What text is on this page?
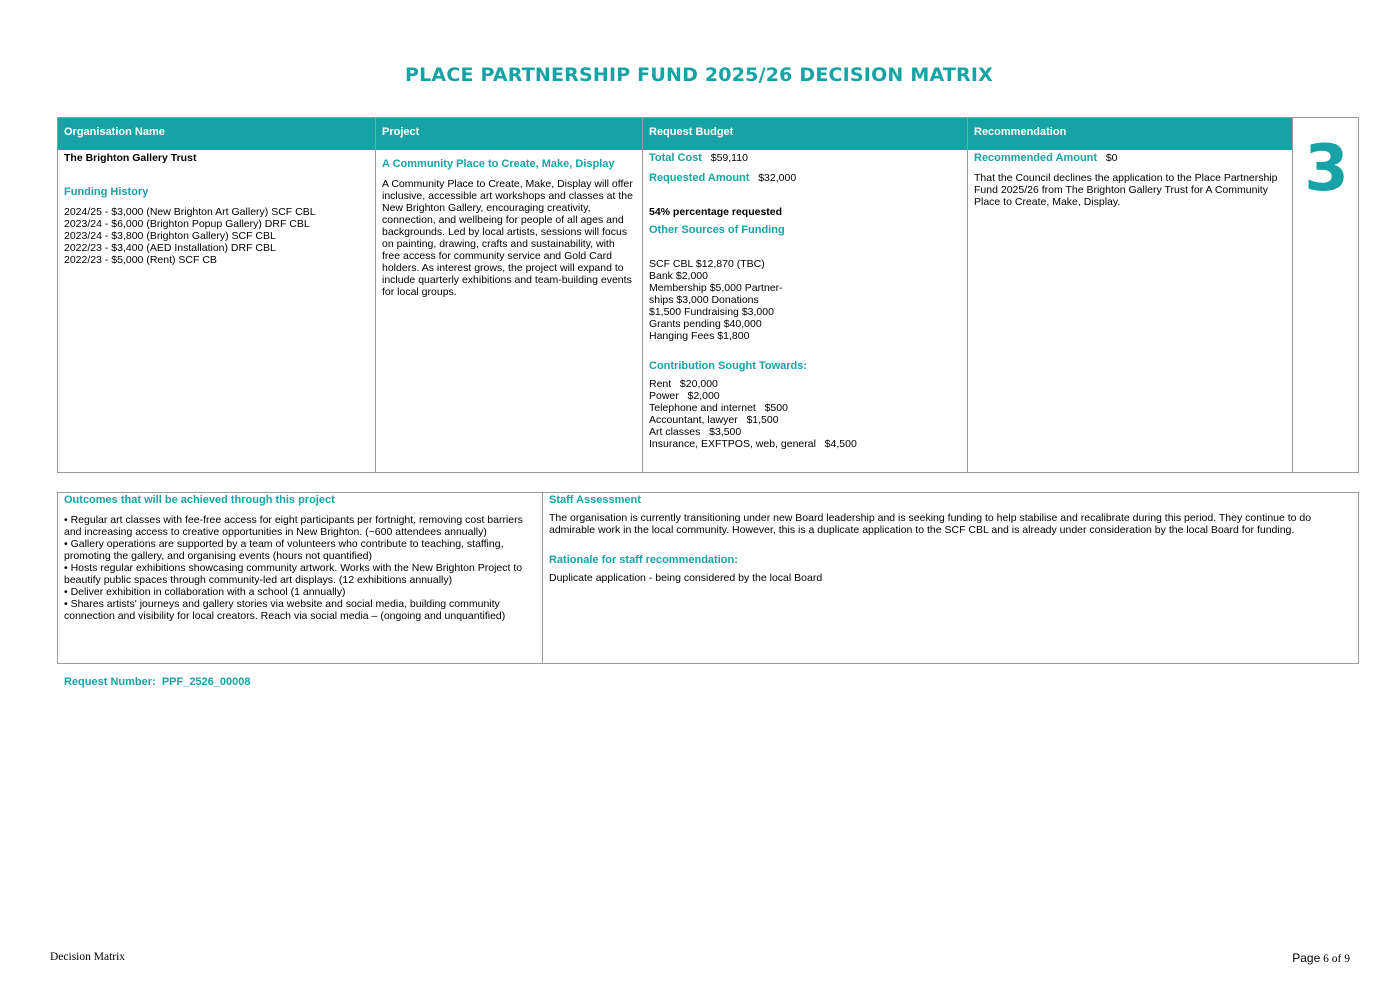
PLACE PARTNERSHIP FUND 2025/26 DECISION MATRIX
Organisation Name
The Brighton Gallery Trust
Funding History
2024/25 - $3,000 (New Brighton Art Gallery) SCF CBL
2023/24 - $6,000 (Brighton Popup Gallery) DRF CBL
2023/24 - $3,800 (Brighton Gallery) SCF CBL
2022/23 - $3,400 (AED Installation) DRF CBL
2022/23 - $5,000 (Rent) SCF CB
Project
A Community Place to Create, Make, Display
A Community Place to Create, Make, Display will offer
inclusive, accessible art workshops and classes at the
New Brighton Gallery, encouraging creativity,
connection, and wellbeing for people of all ages and
backgrounds. Led by local artists, sessions will focus
on painting, drawing, crafts and sustainability, with
free access for community service and Gold Card
holders. As interest grows, the project will expand to
include quarterly exhibitions and team-building events
for local groups.
Request Budget
Total Cost $59,110
Requested Amount $32,000
54% percentage requested
Other Sources of Funding
SCF CBL $12,870 (TBC)
Bank $2,000
Membership $5,000 Partner-
ships $3,000 Donations
$1,500 Fundraising $3,000
Grants pending $40,000
Hanging Fees $1,800
Contribution Sought Towards:
Rent   $20,000
Power   $2,000
Telephone and internet   $500
Accountant, lawyer   $1,500
Art classes   $3,500
Insurance, EXFTPOS, web, general   $4,500
Recommendation
Recommended Amount $0
That the Council declines the application to the Place Partnership
Fund 2025/26 from The Brighton Gallery Trust for A Community
Place to Create, Make, Display.	3
Outcomes that will be achieved through this project
• Regular art classes with fee-free access for eight participants per fortnight, removing cost barriers
and increasing access to creative opportunities in New Brighton. (~600 attendees annually)
• Gallery operations are supported by a team of volunteers who contribute to teaching, staffing,
promoting the gallery, and organising events (hours not quantified)
• Hosts regular exhibitions showcasing community artwork. Works with the New Brighton Project to
beautify public spaces through community-led art displays. (12 exhibitions annually)
• Deliver exhibition in collaboration with a school (1 annually)
• Shares artists' journeys and gallery stories via website and social media, building community
connection and visibility for local creators. Reach via social media – (ongoing and unquantified)
Staff Assessment
The organisation is currently transitioning under new Board leadership and is seeking funding to help stabilise and recalibrate during this period. They continue to do
admirable work in the local community. However, this is a duplicate application to the SCF CBL and is already under consideration by the local Board for funding.
Rationale for staff recommendation:
Duplicate application - being considered by the local Board
Request Number: PPF_2526_00008
Decision Matrix	Page 6 of 9
